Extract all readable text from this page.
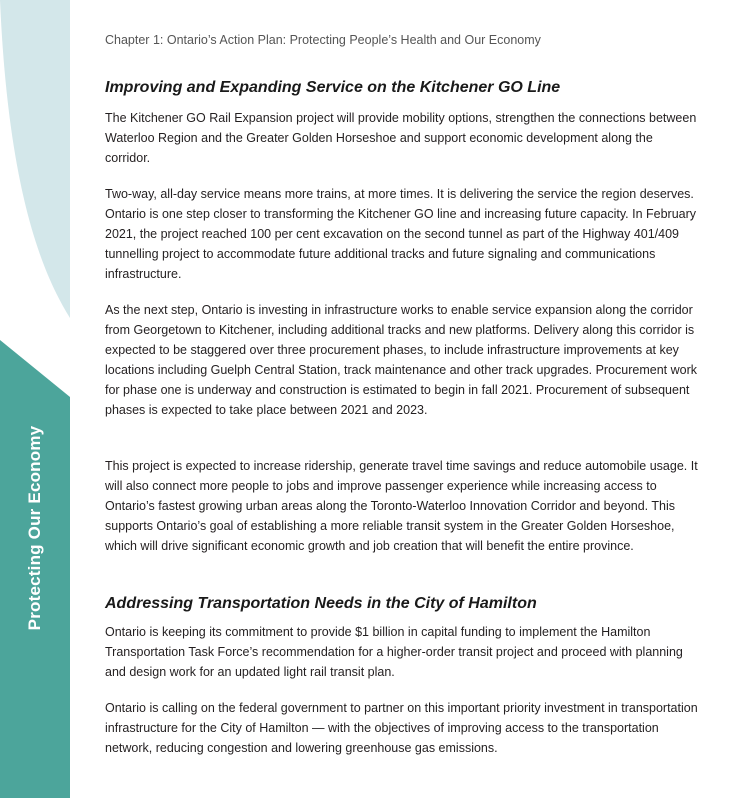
Protecting Our Economy
Chapter 1: Ontario’s Action Plan: Protecting People’s Health and Our Economy
Improving and Expanding Service on the Kitchener GO Line

The Kitchener GO Rail Expansion project will provide mobility options, strengthen the connections between Waterloo Region and the Greater Golden Horseshoe and support economic development along the corridor.

Two-way, all-day service means more trains, at more times. It is delivering the service the region deserves. Ontario is one step closer to transforming the Kitchener GO line and increasing future capacity. In February 2021, the project reached 100 per cent excavation on the second tunnel as part of the Highway 401/409 tunnelling project to accommodate future additional tracks and future signaling and communications infrastructure.

As the next step, Ontario is investing in infrastructure works to enable service expansion along the corridor from Georgetown to Kitchener, including additional tracks and new platforms. Delivery along this corridor is expected to be staggered over three procurement phases, to include infrastructure improvements at key locations including Guelph Central Station, track maintenance and other track upgrades. Procurement work for phase one is underway and construction is estimated to begin in fall 2021. Procurement of subsequent phases is expected to take place between 2021 and 2023.

This project is expected to increase ridership, generate travel time savings and reduce automobile usage. It will also connect more people to jobs and improve passenger experience while increasing access to Ontario’s fastest growing urban areas along the Toronto-Waterloo Innovation Corridor and beyond. This supports Ontario’s goal of establishing a more reliable transit system in the Greater Golden Horseshoe, which will drive significant economic growth and job creation that will benefit the entire province.

Addressing Transportation Needs in the City of Hamilton

Ontario is keeping its commitment to provide $1 billion in capital funding to implement the Hamilton Transportation Task Force’s recommendation for a higher-order transit project and proceed with planning and design work for an updated light rail transit plan.

Ontario is calling on the federal government to partner on this important priority investment in transportation infrastructure for the City of Hamilton — with the objectives of improving access to the transportation network, reducing congestion and lowering greenhouse gas emissions.
